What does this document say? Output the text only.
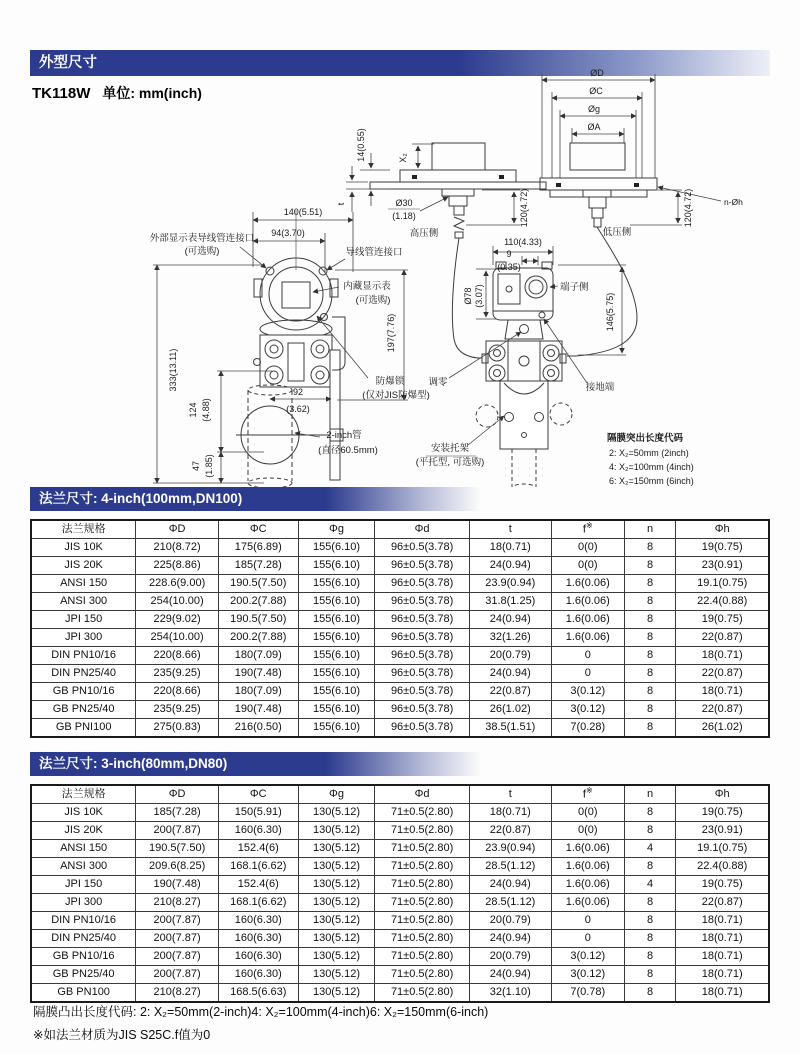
外型尺寸
TK118W 单位: mm(inch)
140(5.51)
94(3.70)
外部显示表导线管连接口
(可选购)	导线管连接口
内藏显示表
(可选购)
333(13.11)
124 (4.88)
47 (1.85)
92
(3.62)
197(7.76)
防爆锁
(仅对JIS防爆型)
2-inch管
(直径60.5mm)
14(0.55)	X₂
t	Ø30
(1.18)	120(4.72)
高压侧
ØD
ØC
Øg
ØA
n-Øh
120(4.72)
低压侧
110(4.33)
9
(0.35)
Ø78 (3.07)	端子侧
146(5.75)
调零	接地端
安装托架
(平托型, 可选购)
隔膜突出长度代码
2: X₂=50mm (2inch)
4: X₂=100mm (4inch)
6: X₂=150mm (6inch)
法兰尺寸: 4-inch(100mm,DN100)
法兰规格	ΦD	ΦC	Φg	Φd	t	f※	n	Φh
JIS 10K	210(8.72)	175(6.89)	155(6.10)	96±0.5(3.78)	18(0.71)	0(0)	8	19(0.75)
JIS 20K	225(8.86)	185(7.28)	155(6.10)	96±0.5(3.78)	24(0.94)	0(0)	8	23(0.91)
ANSI 150	228.6(9.00)	190.5(7.50)	155(6.10)	96±0.5(3.78)	23.9(0.94)	1.6(0.06)	8	19.1(0.75)
ANSI 300	254(10.00)	200.2(7.88)	155(6.10)	96±0.5(3.78)	31.8(1.25)	1.6(0.06)	8	22.4(0.88)
JPI 150	229(9.02)	190.5(7.50)	155(6.10)	96±0.5(3.78)	24(0.94)	1.6(0.06)	8	19(0.75)
JPI 300	254(10.00)	200.2(7.88)	155(6.10)	96±0.5(3.78)	32(1.26)	1.6(0.06)	8	22(0.87)
DIN PN10/16	220(8.66)	180(7.09)	155(6.10)	96±0.5(3.78)	20(0.79)	0	8	18(0.71)
DIN PN25/40	235(9.25)	190(7.48)	155(6.10)	96±0.5(3.78)	24(0.94)	0	8	22(0.87)
GB PN10/16	220(8.66)	180(7.09)	155(6.10)	96±0.5(3.78)	22(0.87)	3(0.12)	8	18(0.71)
GB PN25/40	235(9.25)	190(7.48)	155(6.10)	96±0.5(3.78)	26(1.02)	3(0.12)	8	22(0.87)
GB PNI100	275(0.83)	216(0.50)	155(6.10)	96±0.5(3.78)	38.5(1.51)	7(0.28)	8	26(1.02)
法兰尺寸: 3-inch(80mm,DN80)
法兰规格	ΦD	ΦC	Φg	Φd	t	f※	n	Φh
JIS 10K	185(7.28)	150(5.91)	130(5.12)	71±0.5(2.80)	18(0.71)	0(0)	8	19(0.75)
JIS 20K	200(7.87)	160(6.30)	130(5.12)	71±0.5(2.80)	22(0.87)	0(0)	8	23(0.91)
ANSI 150	190.5(7.50)	152.4(6)	130(5.12)	71±0.5(2.80)	23.9(0.94)	1.6(0.06)	4	19.1(0.75)
ANSI 300	209.6(8.25)	168.1(6.62)	130(5.12)	71±0.5(2.80)	28.5(1.12)	1.6(0.06)	8	22.4(0.88)
JPI 150	190(7.48)	152.4(6)	130(5.12)	71±0.5(2.80)	24(0.94)	1.6(0.06)	4	19(0.75)
JPI 300	210(8.27)	168.1(6.62)	130(5.12)	71±0.5(2.80)	28.5(1.12)	1.6(0.06)	8	22(0.87)
DIN PN10/16	200(7.87)	160(6.30)	130(5.12)	71±0.5(2.80)	20(0.79)	0	8	18(0.71)
DIN PN25/40	200(7.87)	160(6.30)	130(5.12)	71±0.5(2.80)	24(0.94)	0	8	18(0.71)
GB PN10/16	200(7.87)	160(6.30)	130(5.12)	71±0.5(2.80)	20(0.79)	3(0.12)	8	18(0.71)
GB PN25/40	200(7.87)	160(6.30)	130(5.12)	71±0.5(2.80)	24(0.94)	3(0.12)	8	18(0.71)
GB PN100	210(8.27)	168.5(6.63)	130(5.12)	71±0.5(2.80)	32(1.10)	7(0.78)	8	18(0.71)
隔膜凸出长度代码: 2: X₂=50mm(2-inch)4: X₂=100mm(4-inch)6: X₂=150mm(6-inch)
※如法兰材质为JIS S25C.f值为0
